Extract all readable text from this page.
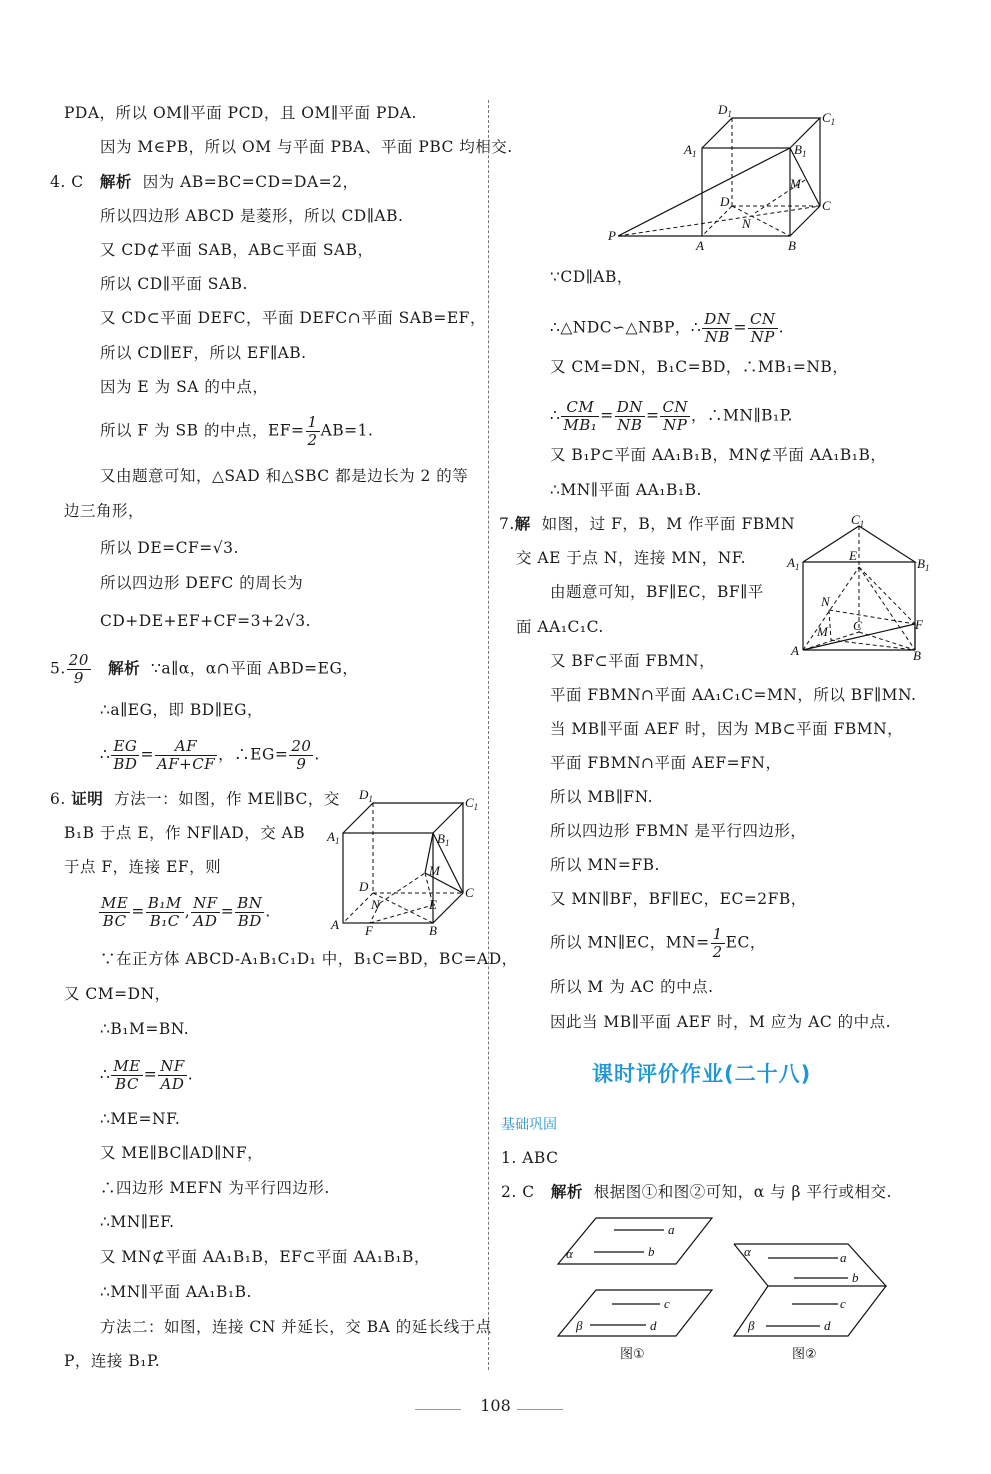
PDA，所以 OM∥平面 PCD，且 OM∥平面 PDA.
因为 M∈PB，所以 OM 与平面 PBA、平面 PBC 均相交.
4. C 解析 因为 AB=BC=CD=DA=2，
所以四边形 ABCD 是菱形，所以 CD∥AB.
又 CD⊄平面 SAB，AB⊂平面 SAB，
所以 CD∥平面 SAB.
又 CD⊂平面 DEFC，平面 DEFC∩平面 SAB=EF，
所以 CD∥EF，所以 EF∥AB.
因为 E 为 SA 的中点，
所以 F 为 SB 的中点，$EF= \frac{1}{2} AB=1$.
又由题意可知，△SAD 和△SBC 都是边长为 2 的等
边三角形，
所以 DE=CF=√3.
所以四边形 DEFC 的周长为
CD+DE+EF+CF=3+2√3.
5. $\frac{20}{9}$ 解析 ∵a∥α，α∩平面 ABD=EG，
∴a∥EG，即 BD∥EG，
∴ $\frac{EG}{BD} = \frac{AF}{AF+CF}$ ，∴EG= $\frac{20}{9}$ .
6. 证明 方法一：如图，作 ME∥BC，交
B₁B 于点 E，作 NF∥AD，交 AB
于点 F，连接 EF，则
$\frac{ME}{BC} = \frac{\text{B₁M}}{\text{B₁C}}$ , $\frac{NF}{AD} = \frac{BN}{BD}$ .
∵在正方体 ABCD-A₁B₁C₁D₁ 中，B₁C=BD，BC=AD，
又 CM=DN，
∴B₁M=BN.
∴ $\frac{ME}{BC} = \frac{NF}{AD}$ .
∴ME=NF.
又 ME∥BC∥AD∥NF，
∴四边形 MEFN 为平行四边形.
∴MN∥EF.
又 MN⊄平面 AA₁B₁B，EF⊂平面 AA₁B₁B，
∴MN∥平面 AA₁B₁B.
方法二：如图，连接 CN 并延长，交 BA 的延长线于点
P，连接 B₁P.
$D_1$	$C_1$
$A_1$	$B_1$
M
D	C
N	E
A F	B
$D_1$	$C_1$
$A_1$	$B_1$
M
D	C
N
P
A	B
∵CD∥AB，
∴△NDC∽△NBP，∴ $\frac{DN}{NB} = \frac{CN}{NP}$ .
又 CM=DN，B₁C=BD，∴MB₁=NB，
∴ $\frac{CM}{\text{MB₁}} = \frac{DN}{NB} = \frac{CN}{NP}$ ，∴MN∥B₁P.
又 B₁P⊂平面 AA₁B₁B，MN⊄平面 AA₁B₁B，
∴MN∥平面 AA₁B₁B.
7.解 如图，过 F，B，M 作平面 FBMN
交 AE 于点 N，连接 MN，NF.
由题意可知，BF∥EC，BF∥平
面 AA₁C₁C.
又 BF⊂平面 FBMN，
平面 FBMN∩平面 AA₁C₁C=MN，所以 BF∥MN.
当 MB∥平面 AEF 时，因为 MB⊂平面 FBMN，
平面 FBMN∩平面 AEF=FN，
所以 MB∥FN.
所以四边形 FBMN 是平行四边形，
所以 MN=FB.
又 MN∥BF，BF∥EC，EC=2FB，
所以 MN∥EC，$MN= \frac{1}{2}$ EC，
所以 M 为 AC 的中点.
因此当 MB∥平面 AEF 时，M 应为 AC 的中点.
$C_1$
$A_1$
E
$B_1$
N
C
M	F
A	B
课时评价作业(二十八)
基础巩固
1. ABC
2. C 解析 根据图①和图②可知，α 与 β 平行或相交.
a
b
α
c
d
β
图①
α	a
b
c
d
β
图②
108
